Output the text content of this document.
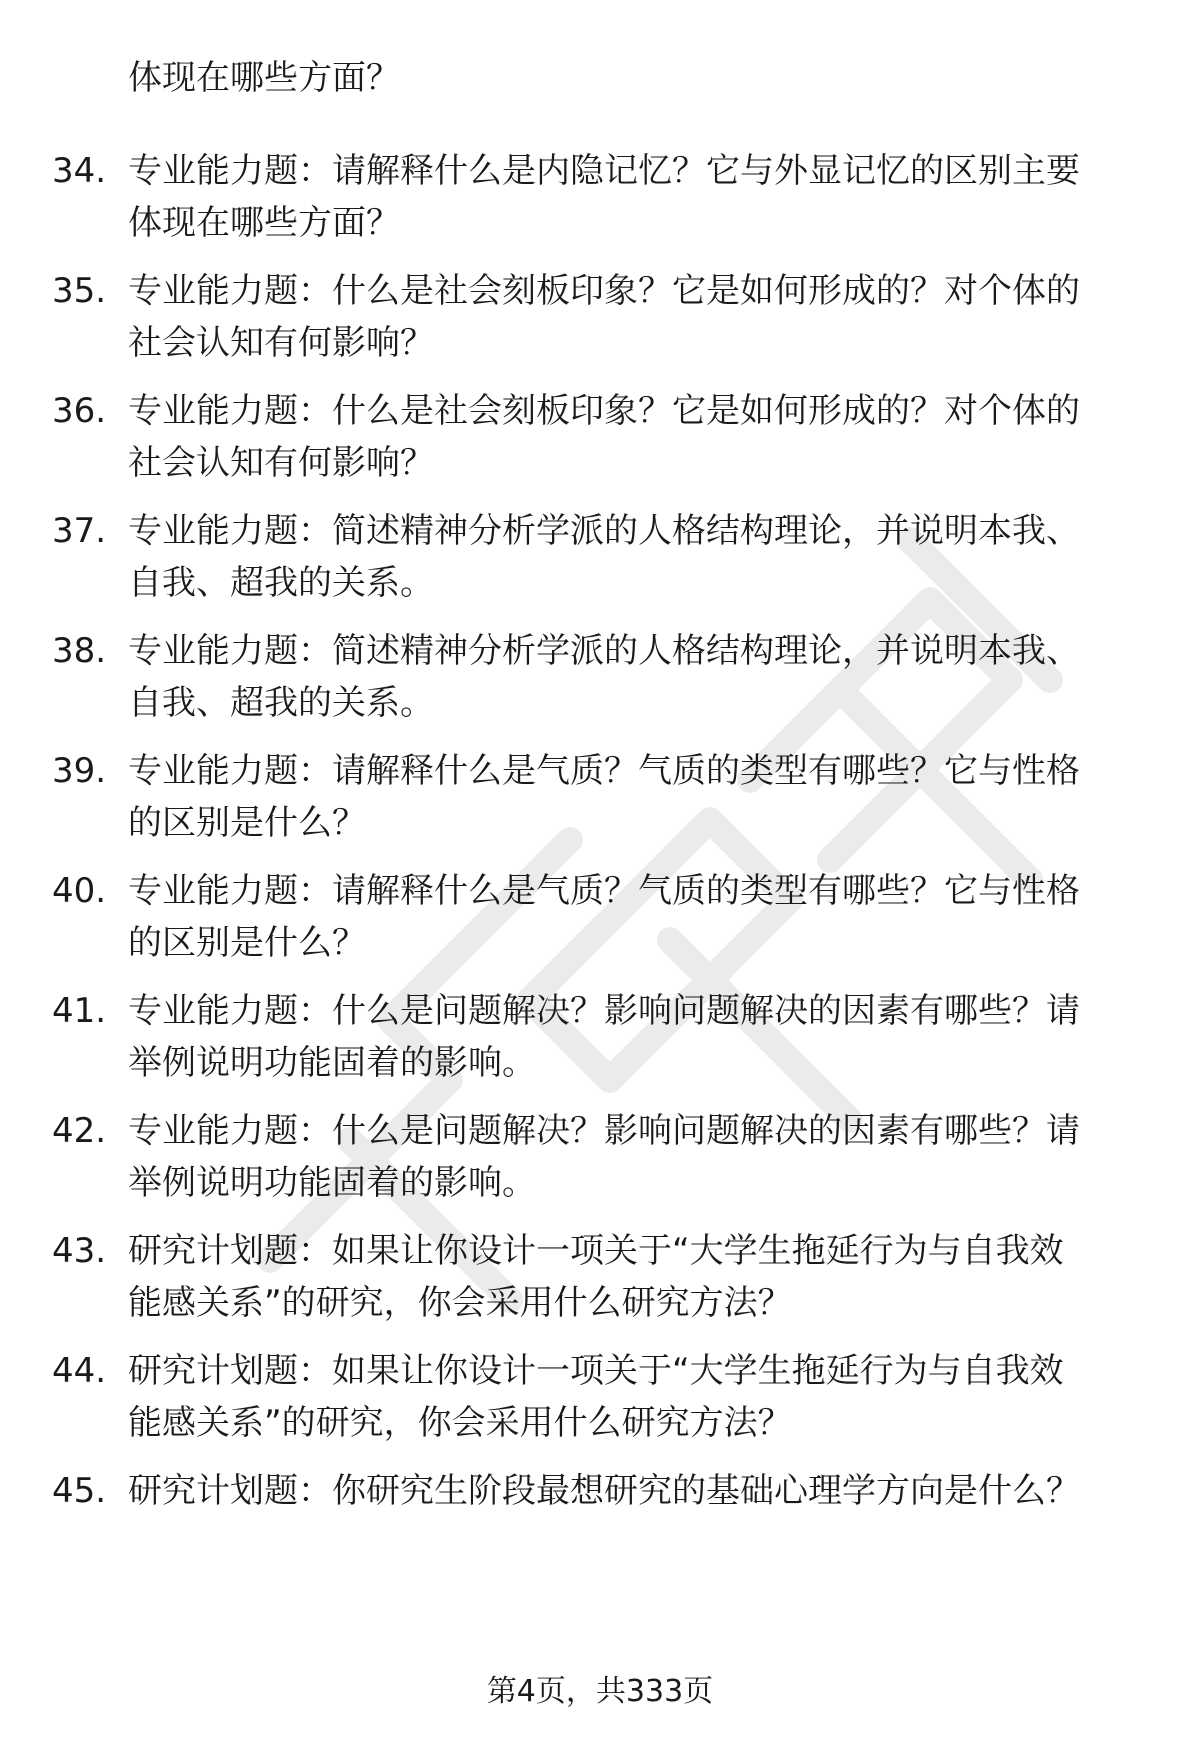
体现在哪些方面？
34. 专业能力题：请解释什么是内隐记忆？它与外显记忆的区别主要
体现在哪些方面？
35. 专业能力题：什么是社会刻板印象？它是如何形成的？对个体的
社会认知有何影响？
36. 专业能力题：什么是社会刻板印象？它是如何形成的？对个体的
社会认知有何影响？
37. 专业能力题：简述精神分析学派的人格结构理论，并说明本我、
自我、超我的关系。
38. 专业能力题：简述精神分析学派的人格结构理论，并说明本我、
自我、超我的关系。
39. 专业能力题：请解释什么是气质？气质的类型有哪些？它与性格
的区别是什么？
40. 专业能力题：请解释什么是气质？气质的类型有哪些？它与性格
的区别是什么？
41. 专业能力题：什么是问题解决？影响问题解决的因素有哪些？请
举例说明功能固着的影响。
42. 专业能力题：什么是问题解决？影响问题解决的因素有哪些？请
举例说明功能固着的影响。
43. 研究计划题：如果让你设计一项关于“大学生拖延行为与自我效
能感关系”的研究，你会采用什么研究方法？
44. 研究计划题：如果让你设计一项关于“大学生拖延行为与自我效
能感关系”的研究，你会采用什么研究方法？
45. 研究计划题：你研究生阶段最想研究的基础心理学方向是什么？
第4页，共333页
